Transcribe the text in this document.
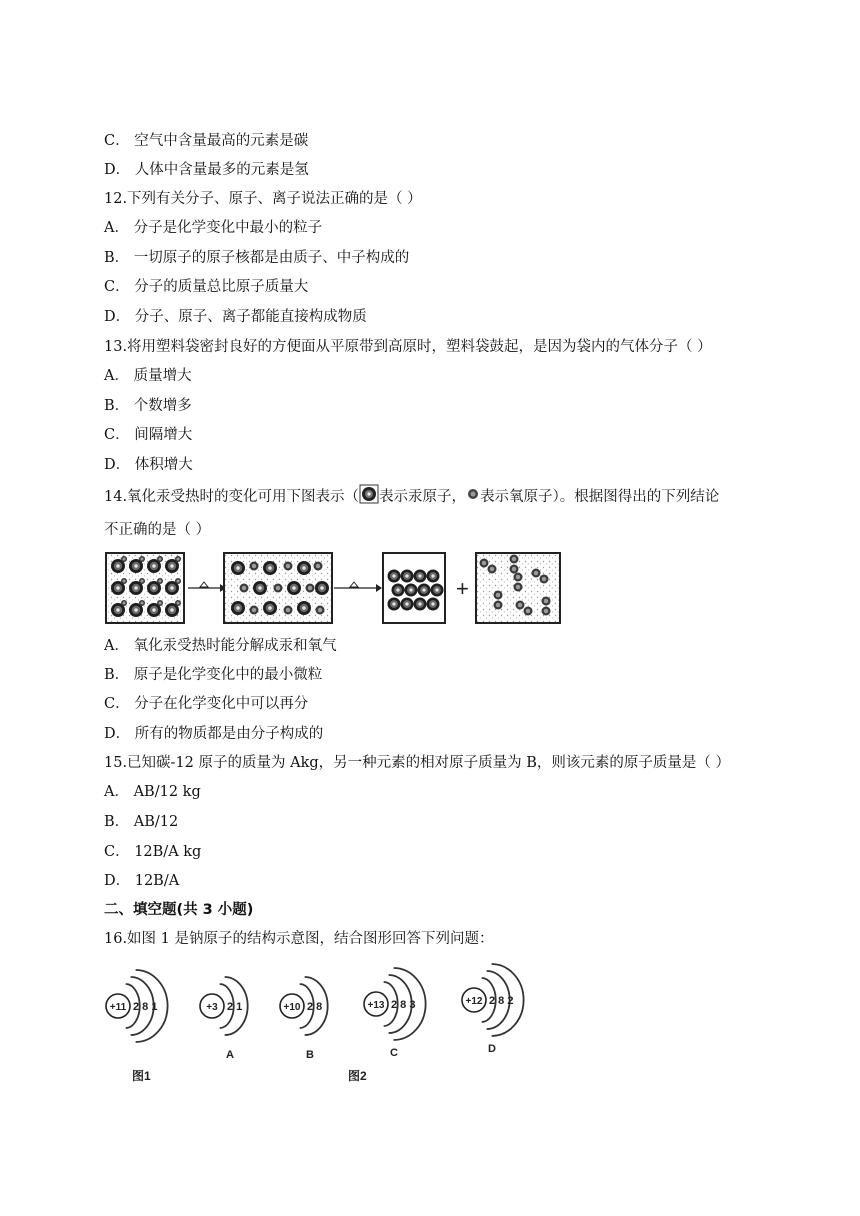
C． 空气中含量最高的元素是碳
D． 人体中含量最多的元素是氢
12.下列有关分子、原子、离子说法正确的是（ ）
A． 分子是化学变化中最小的粒子
B． 一切原子的原子核都是由质子、中子构成的
C． 分子的质量总比原子质量大
D． 分子、原子、离子都能直接构成物质
13.将用塑料袋密封良好的方便面从平原带到高原时，塑料袋鼓起，是因为袋内的气体分子（ ）
A． 质量增大
B． 个数增多
C． 间隔增大
D． 体积增大
14.氧化汞受热时的变化可用下图表示（ 表示汞原子， 表示氧原子）。根据图得出的下列结论
不正确的是（ ）
+
A． 氧化汞受热时能分解成汞和氧气
B． 原子是化学变化中的最小微粒
C． 分子在化学变化中可以再分
D． 所有的物质都是由分子构成的
15.已知碳-12 原子的质量为 Akg，另一种元素的相对原子质量为 B，则该元素的原子质量是（ ）
A． AB/12 kg
B． AB/12
C． 12B/A kg
D． 12B/A
二、填空题(共 3 小题)
16.如图 1 是钠原子的结构示意图，结合图形回答下列问题：
+11 2 8 1	+3 2 1
A
+10 2 8
B
+13 2 8 3
C
+12 2 8 2
D
图1	图2
